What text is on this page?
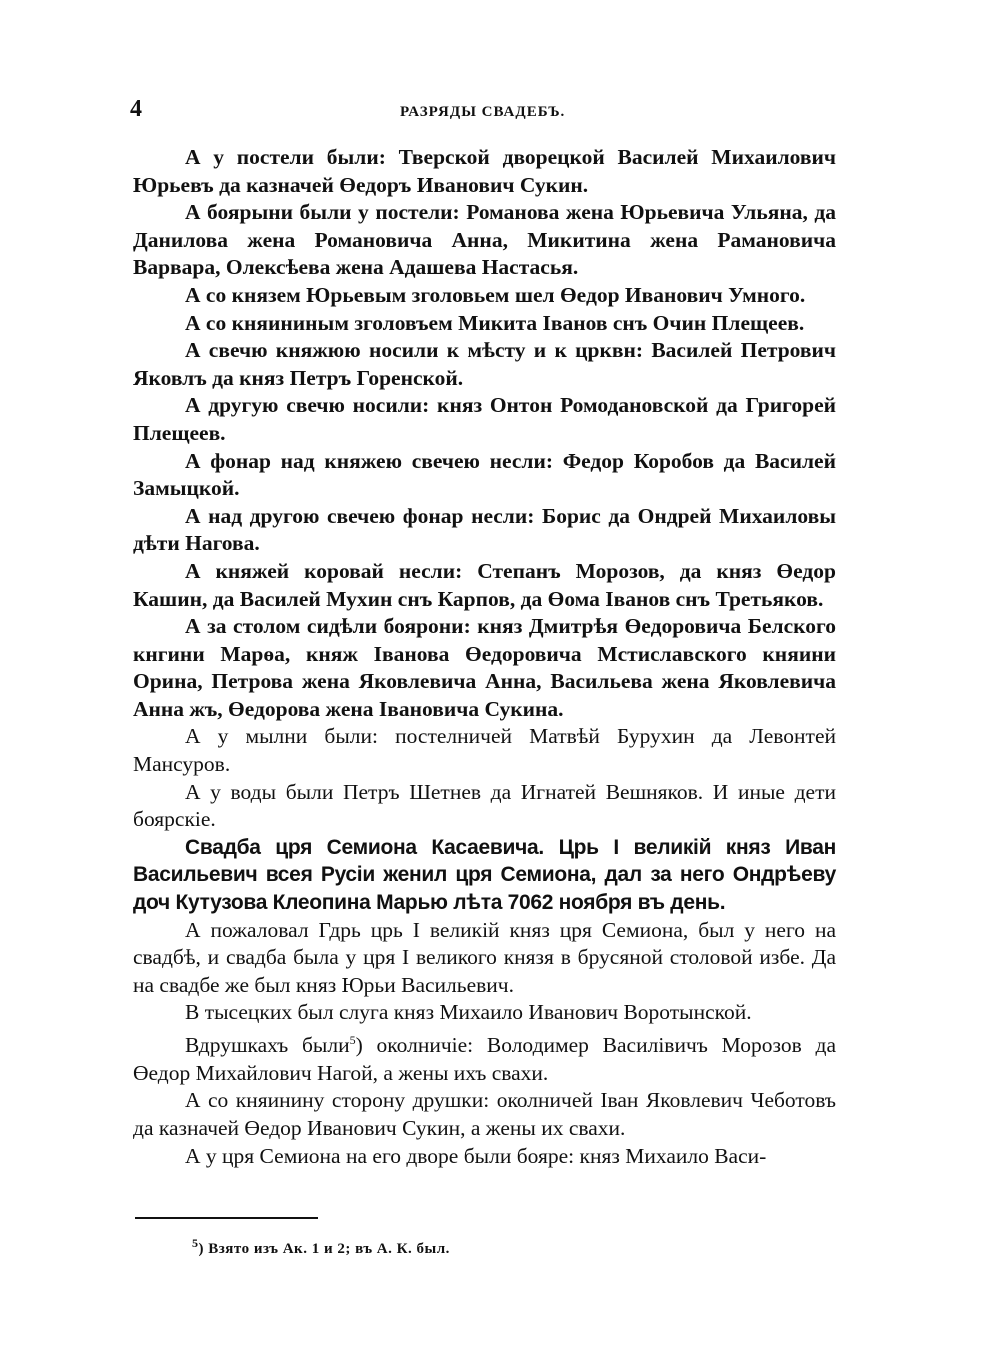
4	РАЗРЯДЫ СВАДЕБЪ.

А у постели были: Тверской дворецкой Василей Михаилович Юрьевъ да казначей Өедоръ Иванович Сукин.

А боярыни были у постели: Романова жена Юрьевича Ульяна, да Данилова жена Романовича Анна, Микитина жена Рамановича Варвара, Олексѣева жена Адашева Настасья.

А со князем Юрьевым зголовьем шел Өедор Иванович Умного.

А со княининым зголовъем Микита Іванов снъ Очин Плещеев.

А свечю княжюю носили к мѣсту и к црквн: Василей Петрович Яковлъ да княз Петръ Горенской.

А другую свечю носили: княз Онтон Ромодановской да Григорей Плещеев.

А фонар над княжею свечею несли: Федор Коробов да Василей Замыцкой.

А над другою свечею фонар несли: Борис да Ондрей Михаиловы дѣти Нагова.

А княжей коровай несли: Степанъ Морозов, да княз Өедор Кашин, да Василей Мухин снъ Карпов, да Өома Іванов снъ Третьяков.

А за столом сидѣли боярони: княз Дмитрѣя Өедоровича Белского кнгини Марөа, княж Іванова Өедоровича Мстиславского княини Орина, Петрова жена Яковлевича Анна, Васильева жена Яковлевича Анна жъ, Өедорова жена Івановича Сукина.

А у мылни были: постелничей Матвѣй Бурухин да Левонтей Мансуров.

А у воды были Петръ Шетнев да Игнатей Вешняков. И иные дети боярскіе.

Свадба цря Семиона Касаевича. Црь І великій княз Иван Васильевич всея Русіи женил цря Семиона, дал за него Ондрѣеву доч Кутузова Клеопина Марью лѣта 7062 ноября въ день.

А пожаловал Гдрь црь І великій княз цря Семиона, был у него на свадбѣ, и свадба была у цря І великого князя в брусяной столовой избе. Да на свадбе же был княз Юрьи Васильевич.

В тысецких был слуга княз Михаило Иванович Воротынской.

Вдрушкахъ были$^5$) околничіе: Володимер Василівичъ Морозов да Өедор Михайлович Нагой, а жены ихъ свахи.

А со княинину сторону друшки: околничей Іван Яковлевич Чеботовъ да казначей Өедор Иванович Сукин, а жены их свахи.

А у цря Семиона на его дворе были бояре: княз Михаило Васи-

$^5$) Взято изъ Ак. 1 и 2; въ А. К. был.
